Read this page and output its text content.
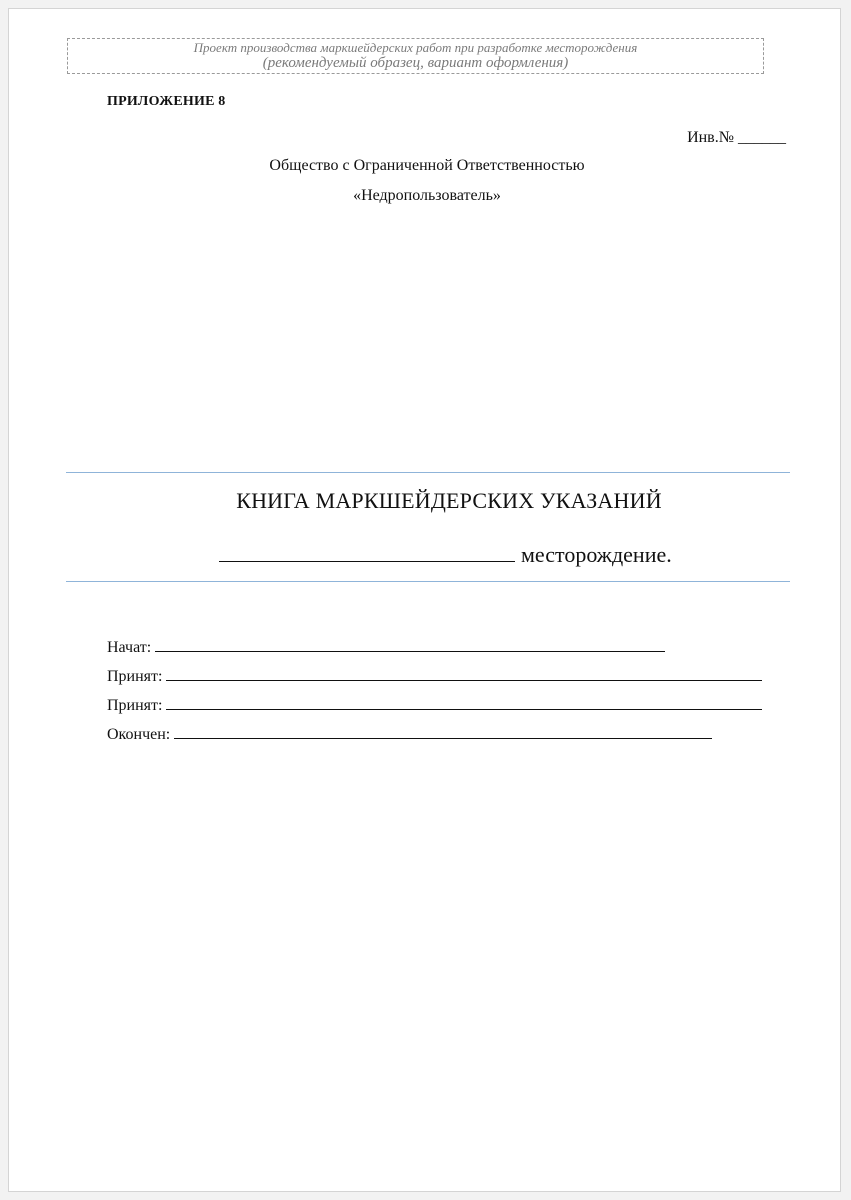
Проект производства маркшейдерских работ при разработке месторождения
(рекомендуемый образец, вариант оформления)
ПРИЛОЖЕНИЕ 8
Инв.№ ______
Общество с Ограниченной Ответственностью
«Недропользователь»
КНИГА МАРКШЕЙДЕРСКИХ УКАЗАНИЙ
месторождение.
Начат:
Принят:
Принят:
Окончен:
